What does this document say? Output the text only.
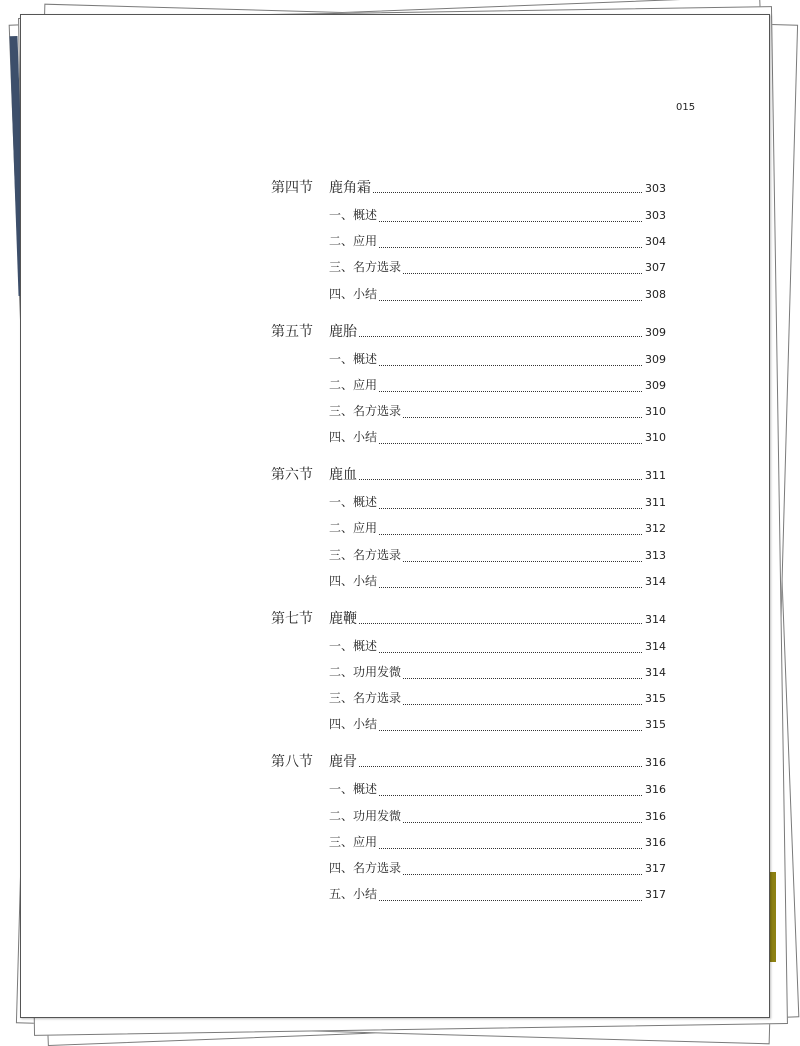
015
第四节	鹿角霜	303
一、概述	303
二、应用	304
三、名方选录	307
四、小结	308
第五节	鹿胎	309
一、概述	309
二、应用	309
三、名方选录	310
四、小结	310
第六节	鹿血	311
一、概述	311
二、应用	312
三、名方选录	313
四、小结	314
第七节	鹿鞭	314
一、概述	314
二、功用发微	314
三、名方选录	315
四、小结	315
第八节	鹿骨	316
一、概述	316
二、功用发微	316
三、应用	316
四、名方选录	317
五、小结	317
